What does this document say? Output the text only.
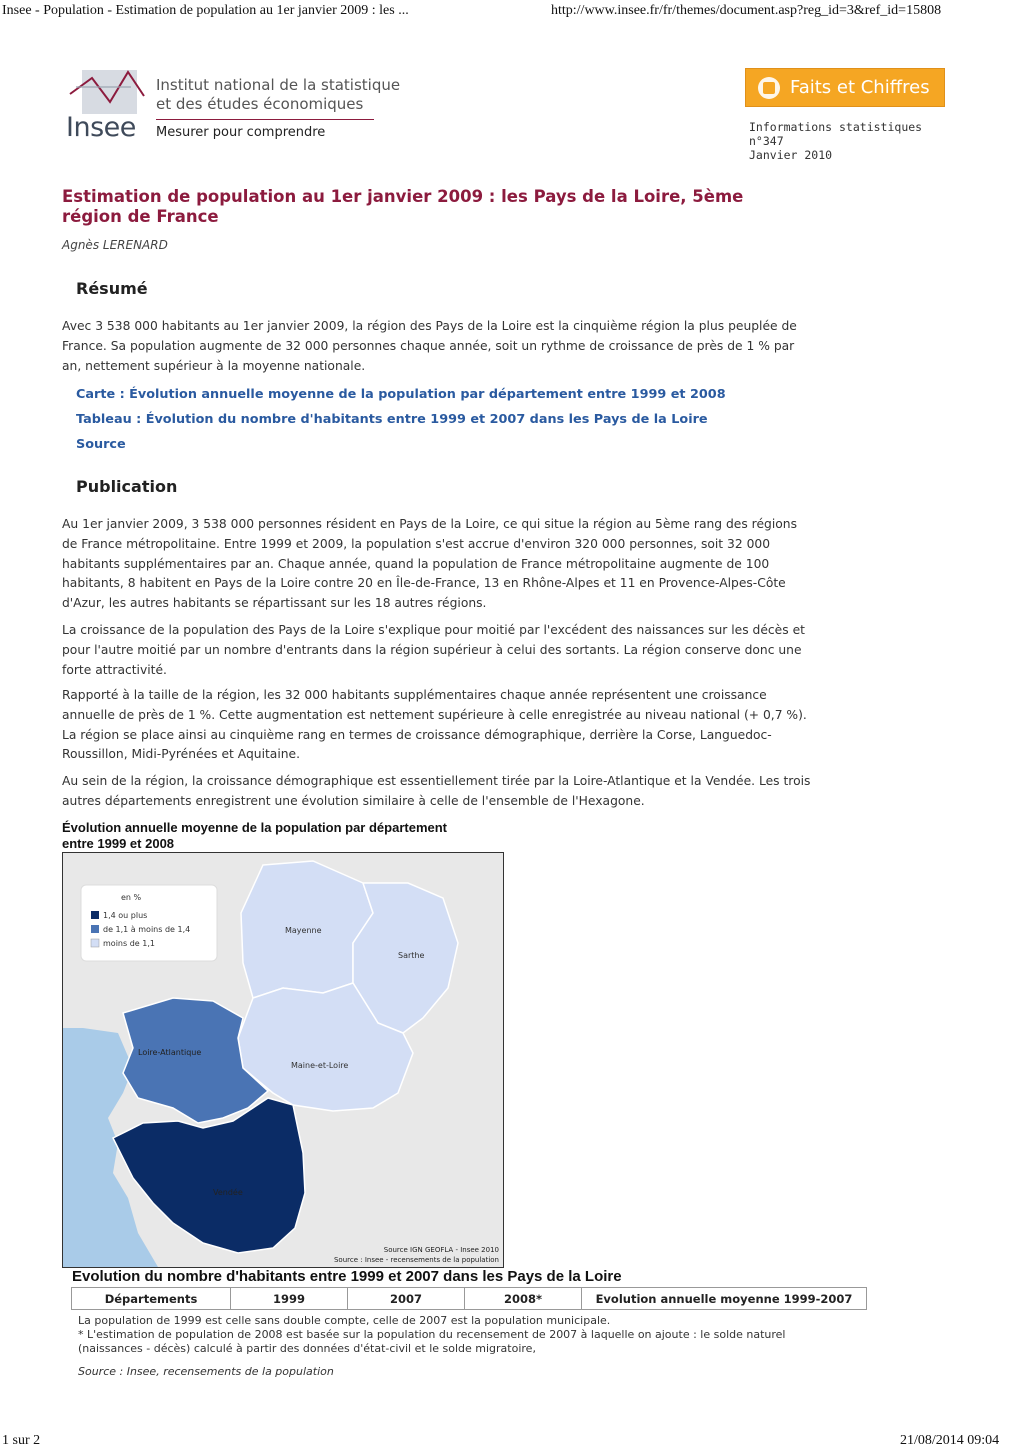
Insee - Population - Estimation de population au 1er janvier 2009 : les ...	http://www.insee.fr/fr/themes/document.asp?reg_id=3&ref_id=15808
Insee
Institut national de la statistique
et des études économiques
Mesurer pour comprendre
Faits et Chiffres
Informations statistiques
n°347
Janvier 2010
Estimation de population au 1er janvier 2009 : les Pays de la Loire, 5ème
région de France
Agnès LERENARD
Résumé
Avec 3 538 000 habitants au 1er janvier 2009, la région des Pays de la Loire est la cinquième région la plus peuplée de
France. Sa population augmente de 32 000 personnes chaque année, soit un rythme de croissance de près de 1 % par
an, nettement supérieur à la moyenne nationale.
Carte : Évolution annuelle moyenne de la population par département entre 1999 et 2008
Tableau : Évolution du nombre d'habitants entre 1999 et 2007 dans les Pays de la Loire
Source
Publication
Au 1er janvier 2009, 3 538 000 personnes résident en Pays de la Loire, ce qui situe la région au 5ème rang des régions
de France métropolitaine. Entre 1999 et 2009, la population s'est accrue d'environ 320 000 personnes, soit 32 000
habitants supplémentaires par an. Chaque année, quand la population de France métropolitaine augmente de 100
habitants, 8 habitent en Pays de la Loire contre 20 en Île-de-France, 13 en Rhône-Alpes et 11 en Provence-Alpes-Côte
d'Azur, les autres habitants se répartissant sur les 18 autres régions.
La croissance de la population des Pays de la Loire s'explique pour moitié par l'excédent des naissances sur les décès et
pour l'autre moitié par un nombre d'entrants dans la région supérieur à celui des sortants. La région conserve donc une
forte attractivité.
Rapporté à la taille de la région, les 32 000 habitants supplémentaires chaque année représentent une croissance
annuelle de près de 1 %. Cette augmentation est nettement supérieure à celle enregistrée au niveau national (+ 0,7 %).
La région se place ainsi au cinquième rang en termes de croissance démographique, derrière la Corse, Languedoc-
Roussillon, Midi-Pyrénées et Aquitaine.
Au sein de la région, la croissance démographique est essentiellement tirée par la Loire-Atlantique et la Vendée. Les trois
autres départements enregistrent une évolution similaire à celle de l'ensemble de l'Hexagone.
Évolution annuelle moyenne de la population par département
entre 1999 et 2008
en %
1,4 ou plus
de 1,1 à moins de 1,4
moins de 1,1
Mayenne
Sarthe
Loire-Atlantique
Maine-et-Loire
Vendée
Source IGN GEOFLA - Insee 2010
Source : Insee - recensements de la population
Evolution du nombre d'habitants entre 1999 et 2007 dans les Pays de la Loire
Départements	1999	2007	2008*	Evolution annuelle moyenne 1999-2007
La population de 1999 est celle sans double compte, celle de 2007 est la population municipale.
* L'estimation de population de 2008 est basée sur la population du recensement de 2007 à laquelle on ajoute : le solde naturel
(naissances - décès) calculé à partir des données d'état-civil et le solde migratoire,
Source : Insee, recensements de la population
1 sur 2	21/08/2014 09:04
